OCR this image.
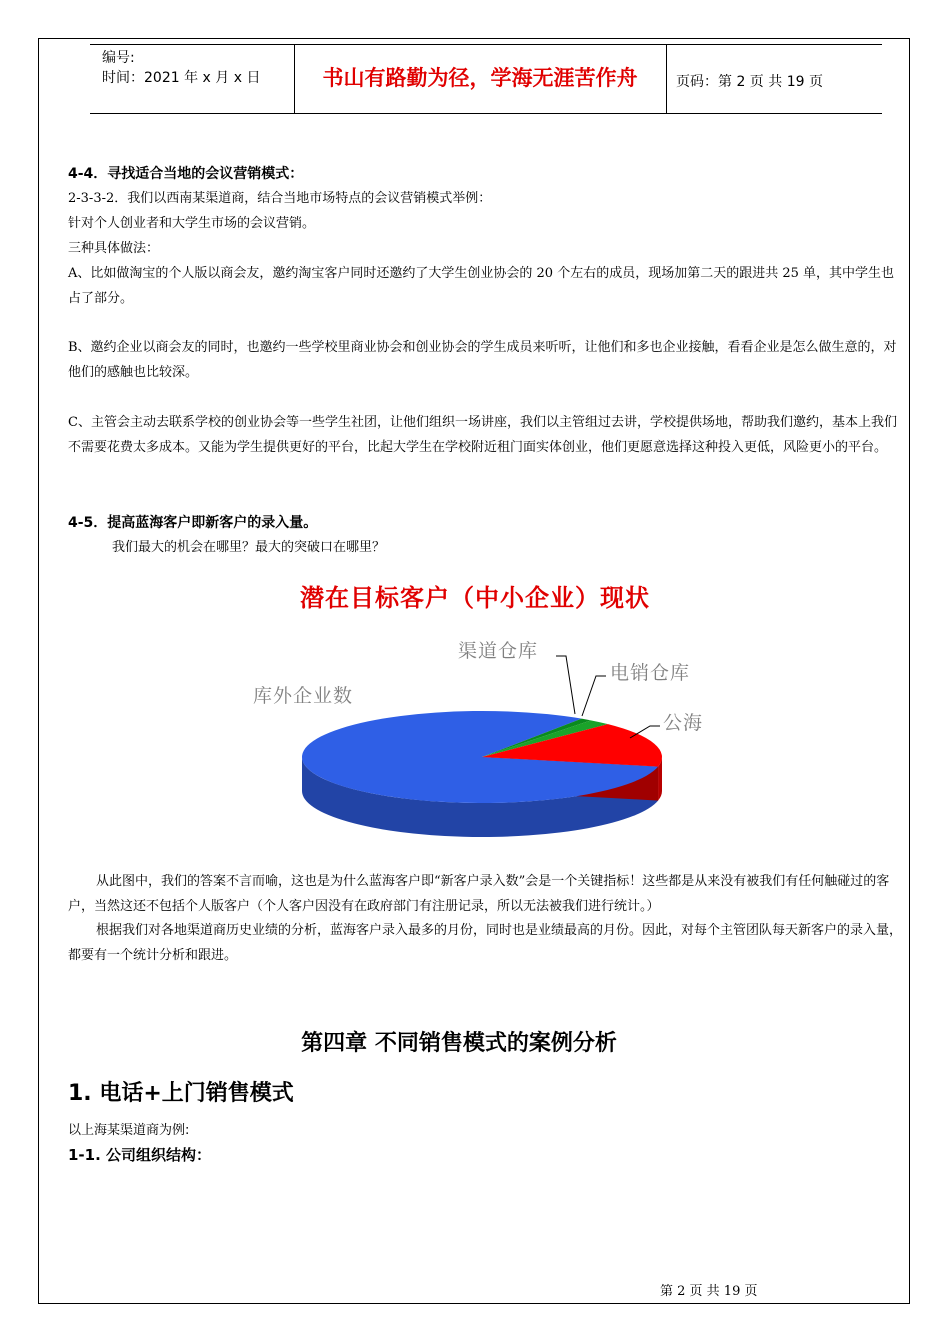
编号:
时间：2021 年 x 月 x 日	书山有路勤为径，学海无涯苦作舟	页码：第 2 页 共 19 页
4-4．寻找适合当地的会议营销模式：
2-3-3-2．我们以西南某渠道商，结合当地市场特点的会议营销模式举例：
针对个人创业者和大学生市场的会议营销。
三种具体做法：
A、比如做淘宝的个人版以商会友，邀约淘宝客户同时还邀约了大学生创业协会的 20 个左右的成员，现场加第二天的跟进共 25 单，其中学生也占了部分。
B、邀约企业以商会友的同时，也邀约一些学校里商业协会和创业协会的学生成员来听听，让他们和多也企业接触，看看企业是怎么做生意的，对他们的感触也比较深。
C、主管会主动去联系学校的创业协会等一些学生社团，让他们组织一场讲座，我们以主管组过去讲，学校提供场地，帮助我们邀约，基本上我们不需要花费太多成本。又能为学生提供更好的平台，比起大学生在学校附近租门面实体创业，他们更愿意选择这种投入更低，风险更小的平台。
4-5．提高蓝海客户即新客户的录入量。
我们最大的机会在哪里？最大的突破口在哪里？
潜在目标客户（中小企业）现状
库外企业数
渠道仓库
电销仓库
公海
从此图中，我们的答案不言而喻，这也是为什么蓝海客户即“新客户录入数”会是一个关键指标！这些都是从来没有被我们有任何触碰过的客户，当然这还不包括个人版客户（个人客户因没有在政府部门有注册记录，所以无法被我们进行统计。）
根据我们对各地渠道商历史业绩的分析，蓝海客户录入最多的月份，同时也是业绩最高的月份。因此，对每个主管团队每天新客户的录入量，都要有一个统计分析和跟进。
第四章 不同销售模式的案例分析
1. 电话+上门销售模式
以上海某渠道商为例:
1-1. 公司组织结构：
第 2 页 共 19 页
